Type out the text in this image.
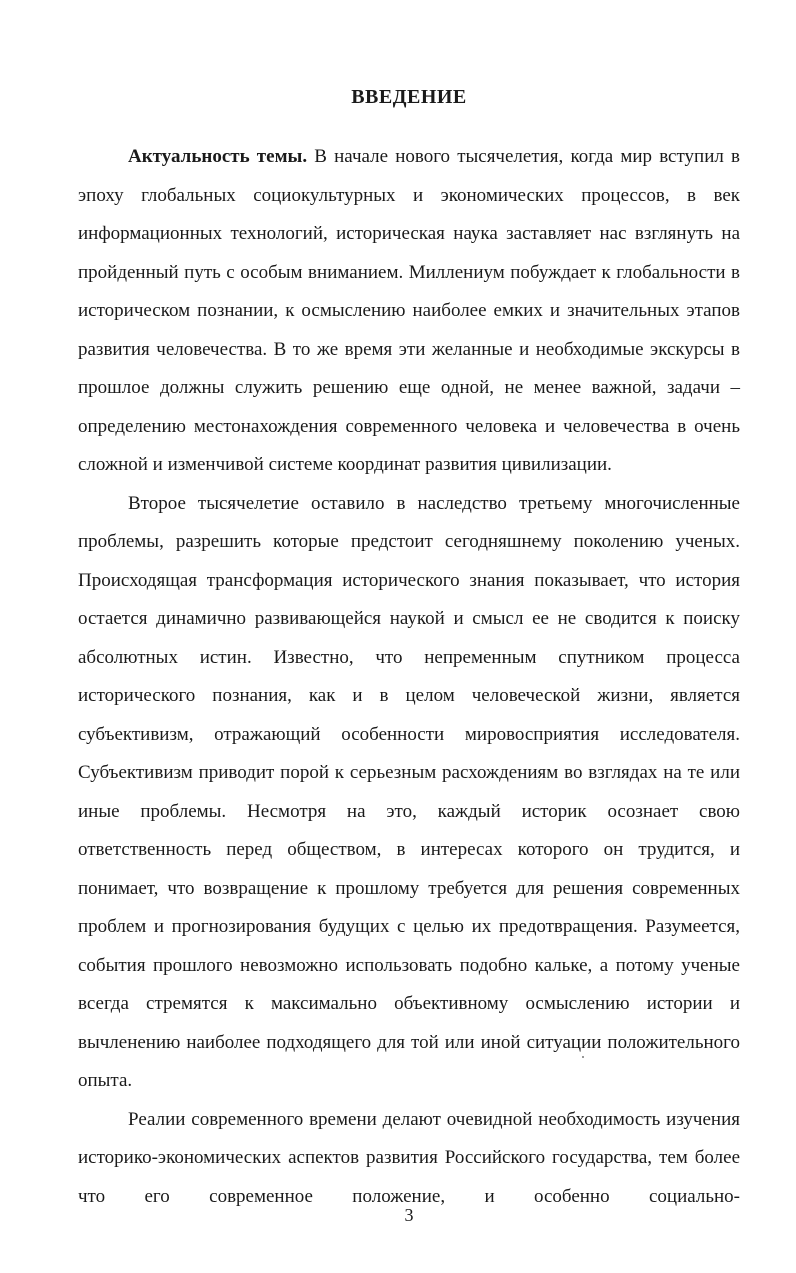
ВВЕДЕНИЕ

Актуальность темы. В начале нового тысячелетия, когда мир вступил в эпоху глобальных социокультурных и экономических процессов, в век информационных технологий, историческая наука заставляет нас взглянуть на пройденный путь с особым вниманием. Миллениум побуждает к глобальности в историческом познании, к осмыслению наиболее емких и значительных этапов развития человечества. В то же время эти желанные и необходимые экскурсы в прошлое должны служить решению еще одной, не менее важной, задачи – определению местонахождения современного человека и человечества в очень сложной и изменчивой системе координат развития цивилизации.

Второе тысячелетие оставило в наследство третьему многочисленные проблемы, разрешить которые предстоит сегодняшнему поколению ученых. Происходящая трансформация исторического знания показывает, что история остается динамично развивающейся наукой и смысл ее не сводится к поиску абсолютных истин. Известно, что непременным спутником процесса исторического познания, как и в целом человеческой жизни, является субъективизм, отражающий особенности мировосприятия исследователя. Субъективизм приводит порой к серьезным расхождениям во взглядах на те или иные проблемы. Несмотря на это, каждый историк осознает свою ответственность перед обществом, в интересах которого он трудится, и понимает, что возвращение к прошлому требуется для решения современных проблем и прогнозирования будущих с целью их предотвращения. Разумеется, события прошлого невозможно использовать подобно кальке, а потому ученые всегда стремятся к максимально объективному осмыслению истории и вычленению наиболее подходящего для той или иной ситуации положительного опыта.

Реалии современного времени делают очевидной необходимость изучения историко-экономических аспектов развития Российского государства, тем более что его современное положение, и особенно социально-

3
